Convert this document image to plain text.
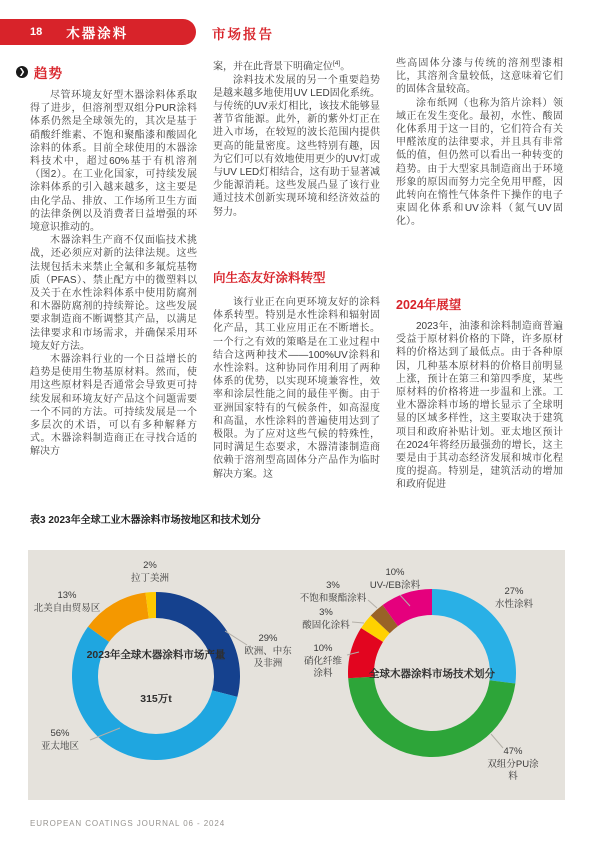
18 木器涂料	市场报告
❯ 趋势

尽管环境友好型木器涂料体系取得了进步，但溶剂型双组分PUR涂料体系仍然是全球领先的，其次是基于硝酸纤维素、不饱和聚酯漆和酸固化涂料的体系。目前全球使用的木器涂料技术中，超过60%基于有机溶剂（图2）。在工业化国家，可持续发展涂料体系的引入越来越多，这主要是由化学品、排放、工作场所卫生方面的法律条例以及消费者日益增强的环境意识推动的。

木器涂料生产商不仅面临技术挑战，还必须应对新的法律法规。这些法规包括未来禁止全氟和多氟烷基物质（PFAS）、禁止配方中的微塑料以及关于在水性涂料体系中使用防腐剂和木器防腐剂的持续辩论。这些发展要求制造商不断调整其产品，以满足法律要求和市场需求，并确保采用环境友好方法。

木器涂料行业的一个日益增长的趋势是使用生物基原材料。然而，使用这些原材料是否通常会导致更可持续发展和环境友好产品这个问题需要一个不同的方法。可持续发展是一个多层次的术语，可以有多种解释方式。木器涂料制造商正在寻找合适的解决方

案，并在此背景下明确定位[4]。

涂料技术发展的另一个重要趋势是越来越多地使用UV LED固化系统。与传统的UV汞灯相比，该技术能够显著节省能源。此外，新的紫外灯正在进入市场，在较短的波长范围内提供更高的能量密度。这些特别有趣，因为它们可以有效地使用更少的UV灯或与UV LED灯相结合，这有助于显著减少能源消耗。这些发展凸显了该行业通过技术创新实现环境和经济效益的努力。

向生态友好涂料转型

该行业正在向更环境友好的涂料体系转型。特别是水性涂料和辐射固化产品，其工业应用正在不断增长。一个行之有效的策略是在工业过程中结合这两种技术——100%UV涂料和水性涂料。这种协同作用利用了两种体系的优势，以实现环境兼容性，效率和涂层性能之间的最佳平衡。由于亚洲国家特有的气候条件，如高湿度和高温，水性涂料的普遍使用达到了极限。为了应对这些气候的特殊性，同时满足生态要求，木器清漆制造商依赖于溶剂型高固体分产品作为临时解决方案。这

些高固体分漆与传统的溶剂型漆相比，其溶剂含量较低，这意味着它们的固体含量较高。

涂布纸网（也称为箔片涂料）领域正在发生变化。最初，水性、酸固化体系用于这一目的，它们符合有关甲醛浓度的法律要求，并且具有非常低的值，但仍然可以看出一种转变的趋势。由于大型家具制造商出于环境形象的原因而努力完全免用甲醛，因此转向在惰性气体条件下操作的电子束固化体系和UV涂料（氮气UV固化）。

2024年展望

2023年，油漆和涂料制造商普遍受益于原材料价格的下降，许多原材料的价格达到了最低点。由于各种原因，几种基本原材料的价格目前明显上涨，预计在第三和第四季度，某些原材料的价格将进一步温和上涨。工业木器涂料市场的增长显示了全球明显的区域多样性，这主要取决于建筑项目和政府补贴计划。亚太地区预计在2024年将经历最强劲的增长，这主要是由于其动态经济发展和城市化程度的提高。特别是，建筑活动的增加和政府促进

表3 2023年全球工业木器涂料市场按地区和技术划分
2023年全球木器涂料市场产量
315万t
全球木器涂料市场技术划分
2%
拉丁美洲
13%
北美自由贸易区
29%
欧洲、中东及非洲
56%
亚太地区
10%
UV-/EB涂料
3%
不饱和聚酯涂料
3%
酸固化涂料
10%
硝化纤维涂料
27%
水性涂料
47%
双组分PU涂料
EUROPEAN COATINGS JOURNAL 06 - 2024
